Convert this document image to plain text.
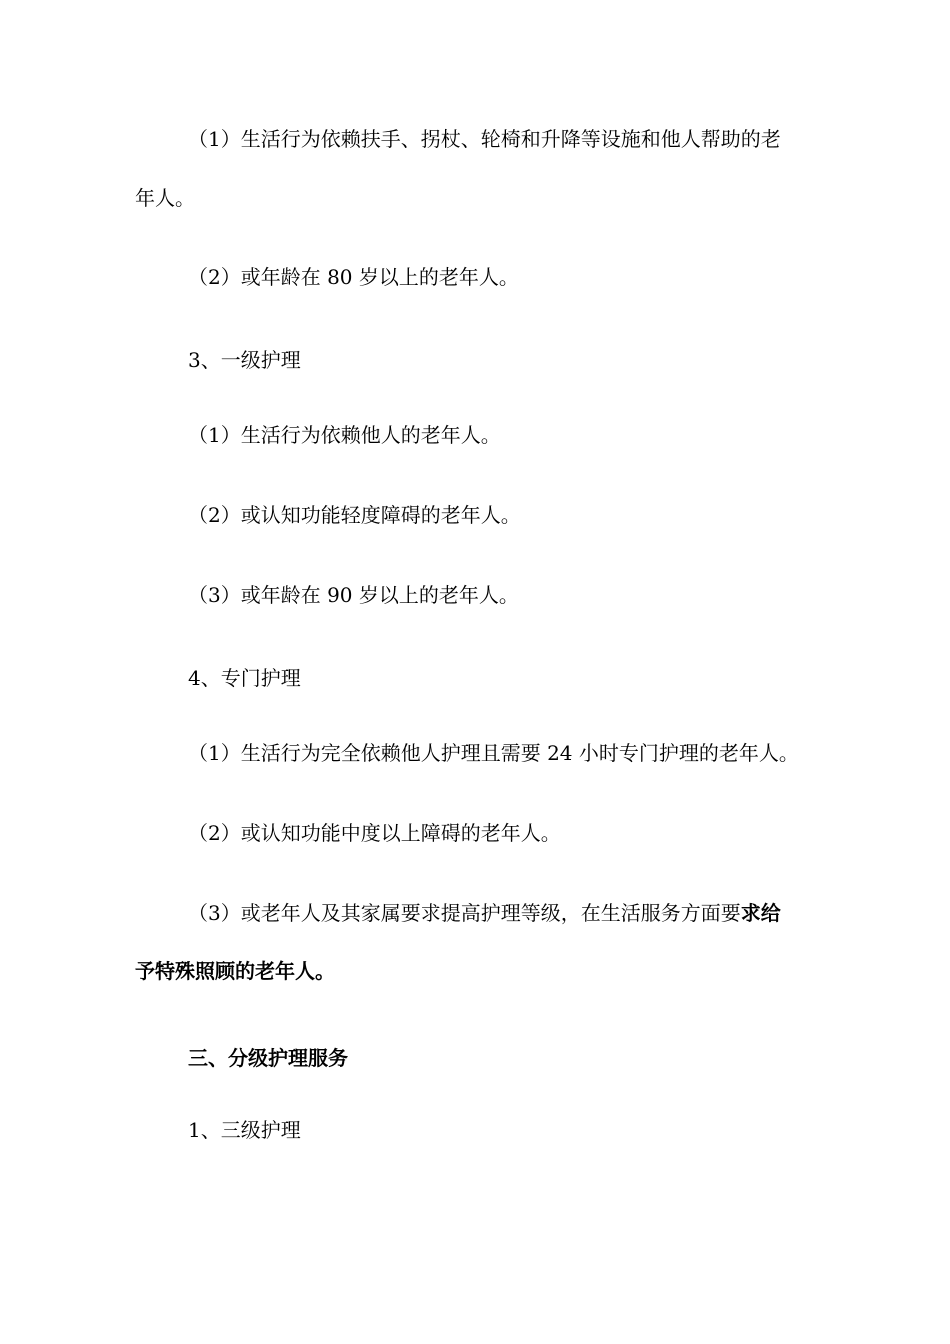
（1）生活行为依赖扶手、拐杖、轮椅和升降等设施和他人帮助的老

年人。

（2）或年龄在 80 岁以上的老年人。

3、一级护理

（1）生活行为依赖他人的老年人。

（2）或认知功能轻度障碍的老年人。

（3）或年龄在 90 岁以上的老年人。

4、专门护理

（1）生活行为完全依赖他人护理且需要 24 小时专门护理的老年人。

（2）或认知功能中度以上障碍的老年人。

（3）或老年人及其家属要求提高护理等级，在生活服务方面要求给

予特殊照顾的老年人。

三、分级护理服务

1、三级护理
